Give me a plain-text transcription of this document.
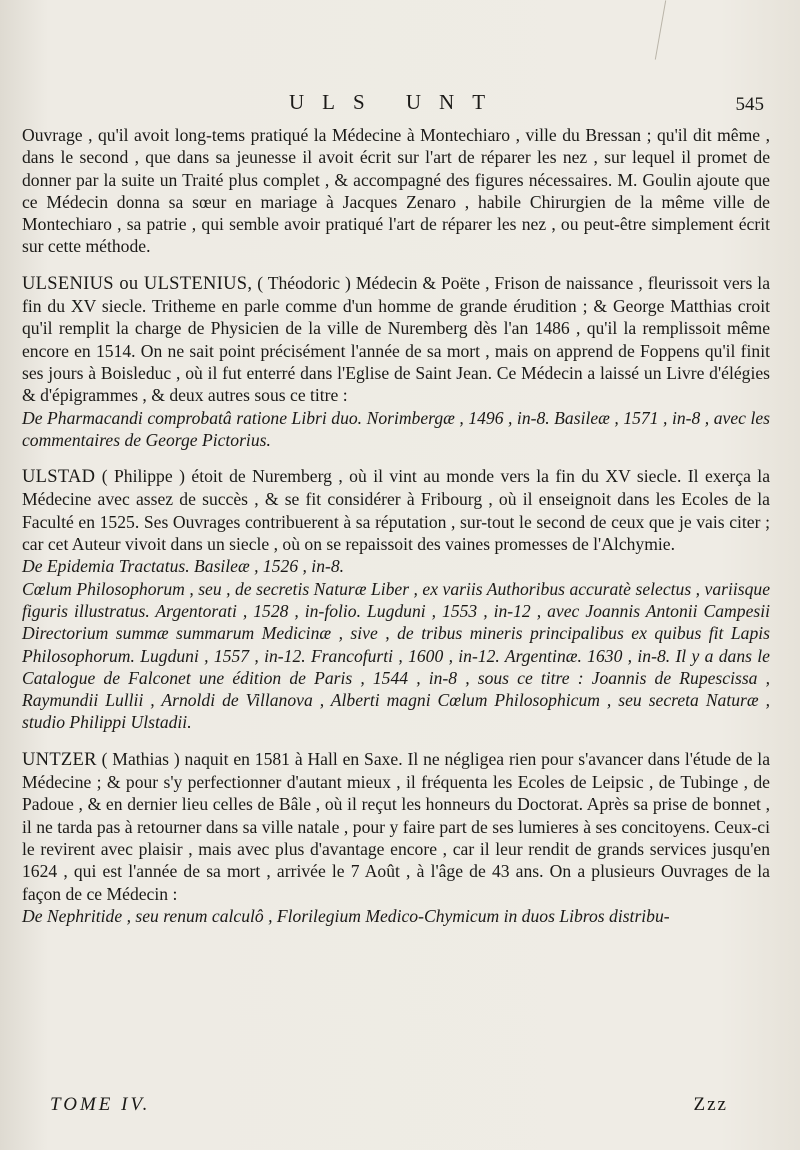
ULS UNT	545

Ouvrage , qu'il avoit long-tems pratiqué la Médecine à Montechiaro , ville du Bressan ; qu'il dit même , dans le second , que dans sa jeunesse il avoit écrit sur l'art de réparer les nez , sur lequel il promet de donner par la suite un Traité plus complet , & accompagné des figures nécessaires. M. Goulin ajoute que ce Médecin donna sa sœur en mariage à Jacques Zenaro , habile Chirurgien de la même ville de Montechiaro , sa patrie , qui semble avoir pratiqué l'art de réparer les nez , ou peut-être simplement écrit sur cette méthode.

ULSENIUS ou ULSTENIUS, ( Théodoric ) Médecin & Poëte , Frison de naissance , fleurissoit vers la fin du XV siecle. Tritheme en parle comme d'un homme de grande érudition ; & George Matthias croit qu'il remplit la charge de Physicien de la ville de Nuremberg dès l'an 1486 , qu'il la remplissoit même encore en 1514. On ne sait point précisément l'année de sa mort , mais on apprend de Foppens qu'il finit ses jours à Boisleduc , où il fut enterré dans l'Eglise de Saint Jean. Ce Médecin a laissé un Livre d'élégies & d'épigrammes , & deux autres sous ce titre :
De Pharmacandi comprobatâ ratione Libri duo. Norimbergæ , 1496 , in-8. Basileæ , 1571 , in-8 , avec les commentaires de George Pictorius.
ULSTAD ( Philippe ) étoit de Nuremberg , où il vint au monde vers la fin du XV siecle. Il exerça la Médecine avec assez de succès , & se fit considérer à Fribourg , où il enseignoit dans les Ecoles de la Faculté en 1525. Ses Ouvrages contribuerent à sa réputation , sur-tout le second de ceux que je vais citer ; car cet Auteur vivoit dans un siecle , où on se repaissoit des vaines promesses de l'Alchymie.
De Epidemia Tractatus. Basileæ , 1526 , in-8.
Cœlum Philosophorum , seu , de secretis Naturæ Liber , ex variis Authoribus accuratè selectus , variisque figuris illustratus. Argentorati , 1528 , in-folio. Lugduni , 1553 , in-12 , avec Joannis Antonii Campesii Directorium summæ summarum Medicinæ , sive , de tribus mineris principalibus ex quibus fit Lapis Philosophorum. Lugduni , 1557 , in-12. Francofurti , 1600 , in-12. Argentinæ. 1630 , in-8. Il y a dans le Catalogue de Falconet une édition de Paris , 1544 , in-8 , sous ce titre : Joannis de Rupescissa , Raymundii Lullii , Arnoldi de Villanova , Alberti magni Cœlum Philosophicum , seu secreta Naturæ , studio Philippi Ulstadii.
UNTZER ( Mathias ) naquit en 1581 à Hall en Saxe. Il ne négligea rien pour s'avancer dans l'étude de la Médecine ; & pour s'y perfectionner d'autant mieux , il fréquenta les Ecoles de Leipsic , de Tubinge , de Padoue , & en dernier lieu celles de Bâle , où il reçut les honneurs du Doctorat. Après sa prise de bonnet , il ne tarda pas à retourner dans sa ville natale , pour y faire part de ses lumieres à ses concitoyens. Ceux-ci le revirent avec plaisir , mais avec plus d'avantage encore , car il leur rendit de grands services jusqu'en 1624 , qui est l'année de sa mort , arrivée le 7 Août , à l'âge de 43 ans. On a plusieurs Ouvrages de la façon de ce Médecin :
De Nephritide , seu renum calculô , Florilegium Medico-Chymicum in duos Libros distribu-
TOME IV.	Zzz
